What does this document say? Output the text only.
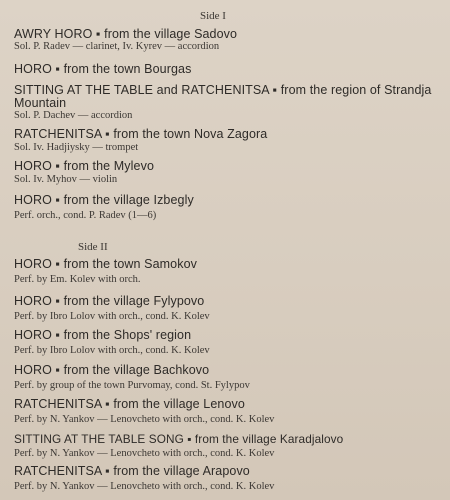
Side I
AWRY HORO ▪ from the village Sadovo
Sol. P. Radev — clarinet, Iv. Kyrev — accordion
HORO ▪ from the town Bourgas
SITTING AT THE TABLE and RATCHENITSA ▪ from the region of Strandja Mountain
Sol. P. Dachev — accordion
RATCHENITSA ▪ from the town Nova Zagora
Sol. Iv. Hadjiysky — trompet
HORO ▪ from the Mylevo
Sol. Iv. Myhov — violin
HORO ▪ from the village Izbegly
Perf. orch., cond. P. Radev (1—6)
Side II
HORO ▪ from the town Samokov
Perf. by Em. Kolev with orch.
HORO ▪ from the village Fylypovo
Perf. by Ibro Lolov with orch., cond. K. Kolev
HORO ▪ from the Shops' region
Perf. by Ibro Lolov with orch., cond. K. Kolev
HORO ▪ from the village Bachkovo
Perf. by group of the town Purvomay, cond. St. Fylypov
RATCHENITSA ▪ from the village Lenovo
Perf. by N. Yankov — Lenovcheto with orch., cond. K. Kolev
SITTING AT THE TABLE SONG ▪ from the village Karadjalovo
Perf. by N. Yankov — Lenovcheto with orch., cond. K. Kolev
RATCHENITSA ▪ from the village Arapovo
Perf. by N. Yankov — Lenovcheto with orch., cond. K. Kolev
